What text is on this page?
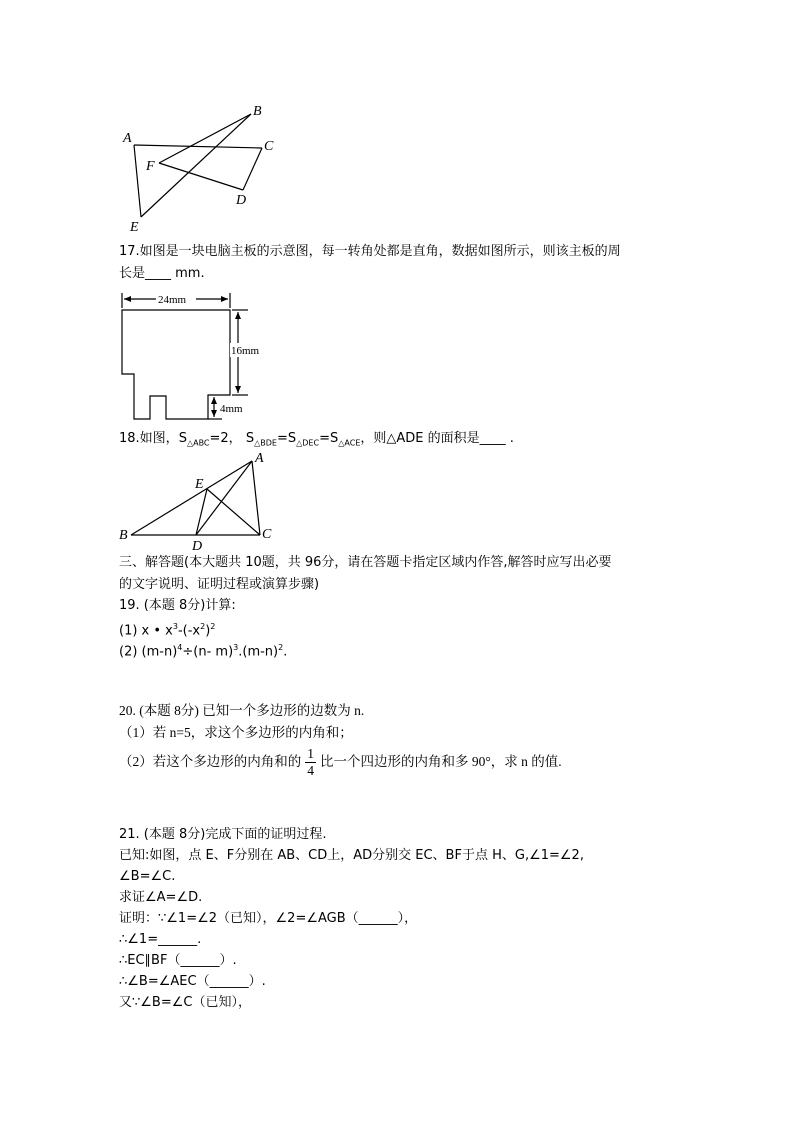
A
B
C
D
E
F
17.如图是一块电脑主板的示意图，每一转角处都是直角，数据如图所示，则该主板的周
长是____ mm.
24mm
16mm
4mm
18.如图，$S_{\triangle ABC}=2$， $S_{\triangle BDE}=S_{\triangle DEC}=S_{\triangle ACE}$，则△ADE 的面积是____ .
A
B	C
D
E
三、解答题(本大题共 10题，共 96分，请在答题卡指定区域内作答,解答时应写出必要
的文字说明、证明过程或演算步骤)
19. (本题 8分)计算:
(1) x • $x^3-(-x^2)^2$
(2) $(m-n)^4\div(n-$ $m)^3.(m-n)^2$.
20. (本题 8分) 已知一个多边形的边数为 n.
（1）若 n=5，求这个多边形的内角和；
（2）若这个多边形的内角和的 $\frac{1}{4}$ 比一个四边形的内角和多 90°，求 n 的值.
21. (本题 8分)完成下面的证明过程.
已知:如图，点 E、F分别在 AB、CD上，AD分别交 EC、BF于点 H、G,∠1=∠2,
∠B=∠C.
求证∠A=∠D.
证明：∵∠1=∠2（已知），∠2=∠AGB（______），
∴∠1=______.
∴EC∥BF（______）.
∴∠B=∠AEC（______）.
又∵∠B=∠C（已知），
